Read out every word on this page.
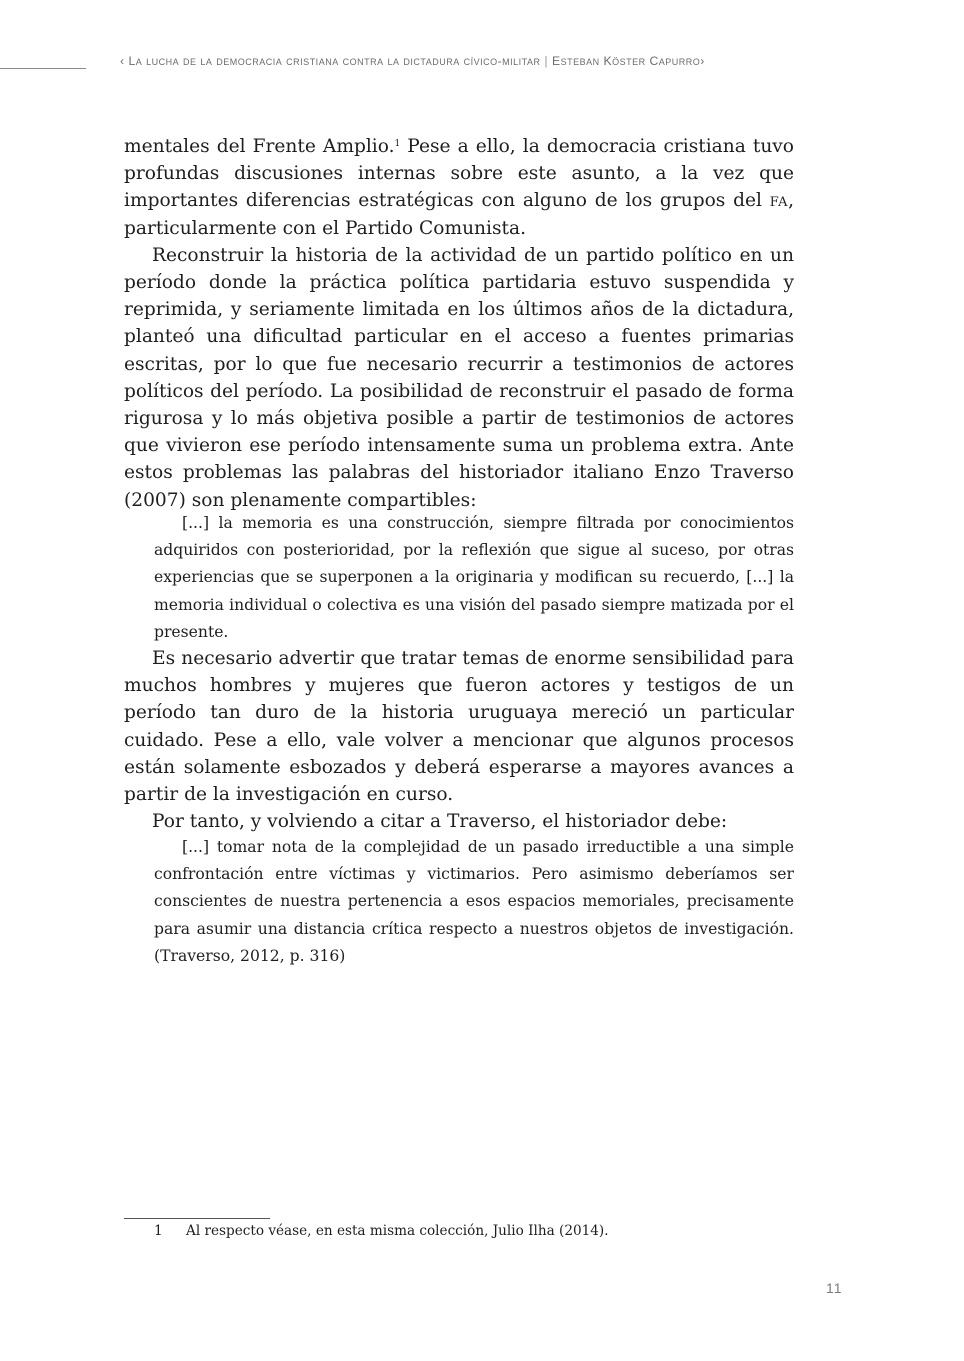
‹ La lucha de la democracia cristiana contra la dictadura cívico-militar | Esteban Köster Capurro›

mentales del Frente Amplio.$^1$ Pese a ello, la democracia cristiana tuvo profundas discusiones internas sobre este asunto, a la vez que importantes diferencias estratégicas con alguno de los grupos del fa, particularmente con el Partido Comunista.

Reconstruir la historia de la actividad de un partido político en un período donde la práctica política partidaria estuvo suspendida y reprimida, y seriamente limitada en los últimos años de la dictadura, planteó una dificultad particular en el acceso a fuentes primarias escritas, por lo que fue necesario recurrir a testimonios de actores políticos del período. La posibilidad de reconstruir el pasado de forma rigurosa y lo más objetiva posible a partir de testimonios de actores que vivieron ese período intensamente suma un problema extra. Ante estos problemas las palabras del historiador italiano Enzo Traverso (2007) son plenamente compartibles:

[...] la memoria es una construcción, siempre filtrada por conocimientos adquiridos con posterioridad, por la reflexión que sigue al suceso, por otras experiencias que se superponen a la originaria y modifican su recuerdo, [...] la memoria individual o colectiva es una visión del pasado siempre matizada por el presente.

Es necesario advertir que tratar temas de enorme sensibilidad para muchos hombres y mujeres que fueron actores y testigos de un período tan duro de la historia uruguaya mereció un particular cuidado. Pese a ello, vale volver a mencionar que algunos procesos están solamente esbozados y deberá esperarse a mayores avances a partir de la investigación en curso.

Por tanto, y volviendo a citar a Traverso, el historiador debe:

[...] tomar nota de la complejidad de un pasado irreductible a una simple confrontación entre víctimas y victimarios. Pero asimismo deberíamos ser conscientes de nuestra pertenencia a esos espacios memoriales, precisamente para asumir una distancia crítica respecto a nuestros objetos de investigación. (Traverso, 2012, p. 316)

1 Al respecto véase, en esta misma colección, Julio Ilha (2014).
11
